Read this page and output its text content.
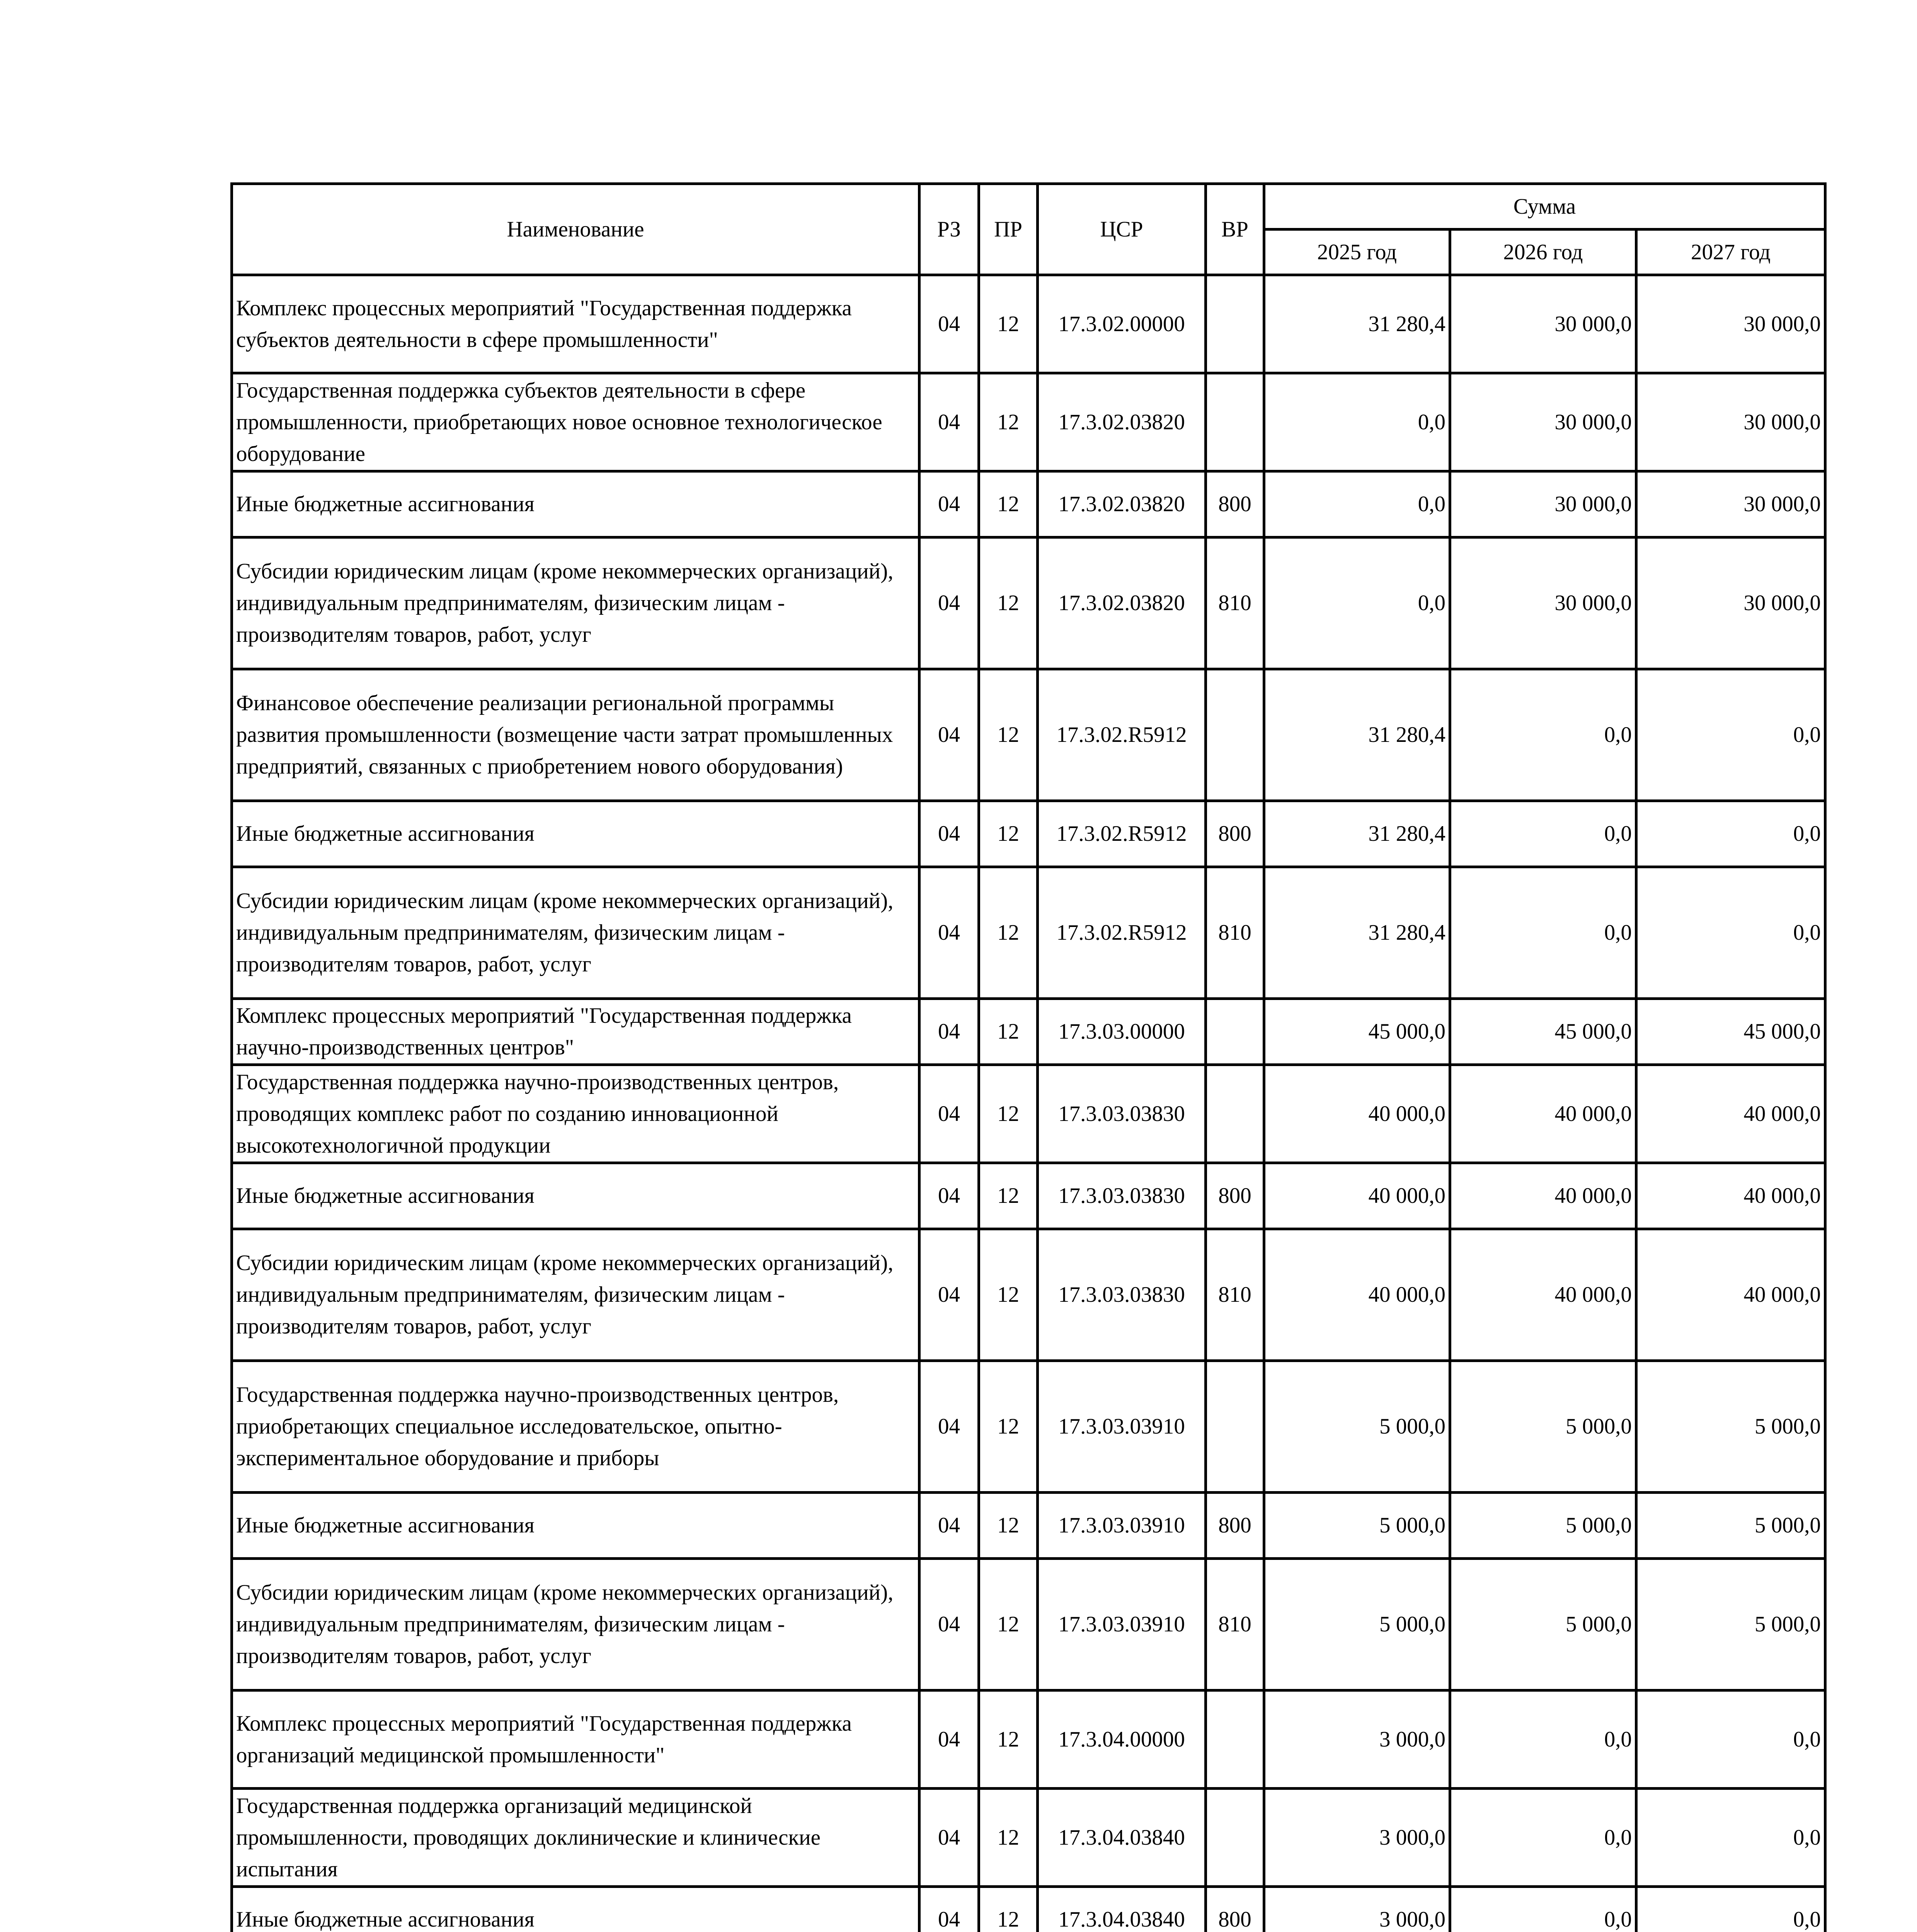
Наименование	РЗ	ПР	ЦСР	ВР	Сумма		
					2025 год	2026 год	2027 год
Комплекс процессных мероприятий "Государственная поддержка субъектов деятельности в сфере промышленности"	04	12	17.3.02.00000		31 280,4	30 000,0	30 000,0
Государственная поддержка субъектов деятельности в сфере промышленности, приобретающих новое основное технологическое оборудование	04	12	17.3.02.03820		0,0	30 000,0	30 000,0
Иные бюджетные ассигнования	04	12	17.3.02.03820	800	0,0	30 000,0	30 000,0
Субсидии юридическим лицам (кроме некоммерческих организаций), индивидуальным предпринимателям, физическим лицам - производителям товаров, работ, услуг	04	12	17.3.02.03820	810	0,0	30 000,0	30 000,0
Финансовое обеспечение реализации региональной программы развития промышленности (возмещение части затрат промышленных предприятий, связанных с приобретением нового оборудования)	04	12	17.3.02.R5912		31 280,4	0,0	0,0
Иные бюджетные ассигнования	04	12	17.3.02.R5912	800	31 280,4	0,0	0,0
Субсидии юридическим лицам (кроме некоммерческих организаций), индивидуальным предпринимателям, физическим лицам - производителям товаров, работ, услуг	04	12	17.3.02.R5912	810	31 280,4	0,0	0,0
Комплекс процессных мероприятий "Государственная поддержка научно-производственных центров"	04	12	17.3.03.00000		45 000,0	45 000,0	45 000,0
Государственная поддержка научно-производственных центров, проводящих комплекс работ по созданию инновационной высокотехнологичной продукции	04	12	17.3.03.03830		40 000,0	40 000,0	40 000,0
Иные бюджетные ассигнования	04	12	17.3.03.03830	800	40 000,0	40 000,0	40 000,0
Субсидии юридическим лицам (кроме некоммерческих организаций), индивидуальным предпринимателям, физическим лицам - производителям товаров, работ, услуг	04	12	17.3.03.03830	810	40 000,0	40 000,0	40 000,0
Государственная поддержка научно-производственных центров, приобретающих специальное исследовательское, опытно-экспериментальное оборудование и приборы	04	12	17.3.03.03910		5 000,0	5 000,0	5 000,0
Иные бюджетные ассигнования	04	12	17.3.03.03910	800	5 000,0	5 000,0	5 000,0
Субсидии юридическим лицам (кроме некоммерческих организаций), индивидуальным предпринимателям, физическим лицам - производителям товаров, работ, услуг	04	12	17.3.03.03910	810	5 000,0	5 000,0	5 000,0
Комплекс процессных мероприятий "Государственная поддержка организаций медицинской промышленности"	04	12	17.3.04.00000		3 000,0	0,0	0,0
Государственная поддержка организаций медицинской промышленности, проводящих доклинические и клинические испытания	04	12	17.3.04.03840		3 000,0	0,0	0,0
Иные бюджетные ассигнования	04	12	17.3.04.03840	800	3 000,0	0,0	0,0
